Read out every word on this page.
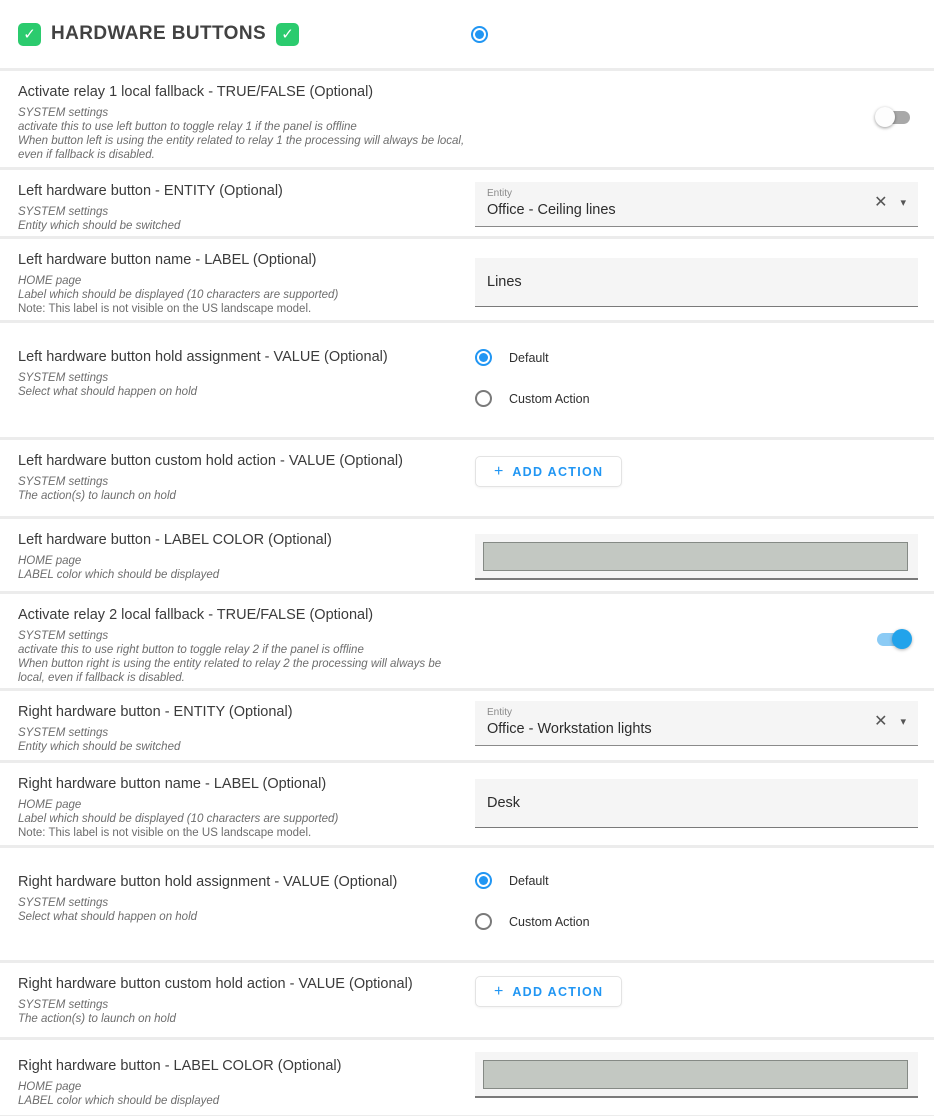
✓ HARDWARE BUTTONS	✓
Activate relay 1 local fallback - TRUE/FALSE (Optional)
SYSTEM settings
activate this to use left button to toggle relay 1 if the panel is offline
When button left is using the entity related to relay 1 the processing will always be local, even if fallback is disabled.
Left hardware button - ENTITY (Optional)
SYSTEM settings
Entity which should be switched
Entity
Office - Ceiling lines	✕ ▾
Left hardware button name - LABEL (Optional)
HOME page
Label which should be displayed (10 characters are supported)
Note: This label is not visible on the US landscape model.
Lines
Left hardware button hold assignment - VALUE (Optional)
SYSTEM settings
Select what should happen on hold
Default
Custom Action
Left hardware button custom hold action - VALUE (Optional)
SYSTEM settings
The action(s) to launch on hold
+ ADD ACTION
Left hardware button - LABEL COLOR (Optional)
HOME page
LABEL color which should be displayed
Activate relay 2 local fallback - TRUE/FALSE (Optional)
SYSTEM settings
activate this to use right button to toggle relay 2 if the panel is offline
When button right is using the entity related to relay 2 the processing will always be local, even if fallback is disabled.
Right hardware button - ENTITY (Optional)
SYSTEM settings
Entity which should be switched
Entity
Office - Workstation lights	✕ ▾
Right hardware button name - LABEL (Optional)
HOME page
Label which should be displayed (10 characters are supported)
Note: This label is not visible on the US landscape model.
Desk
Right hardware button hold assignment - VALUE (Optional)
SYSTEM settings
Select what should happen on hold
Default
Custom Action
Right hardware button custom hold action - VALUE (Optional)
SYSTEM settings
The action(s) to launch on hold
+ ADD ACTION
Right hardware button - LABEL COLOR (Optional)
HOME page
LABEL color which should be displayed
